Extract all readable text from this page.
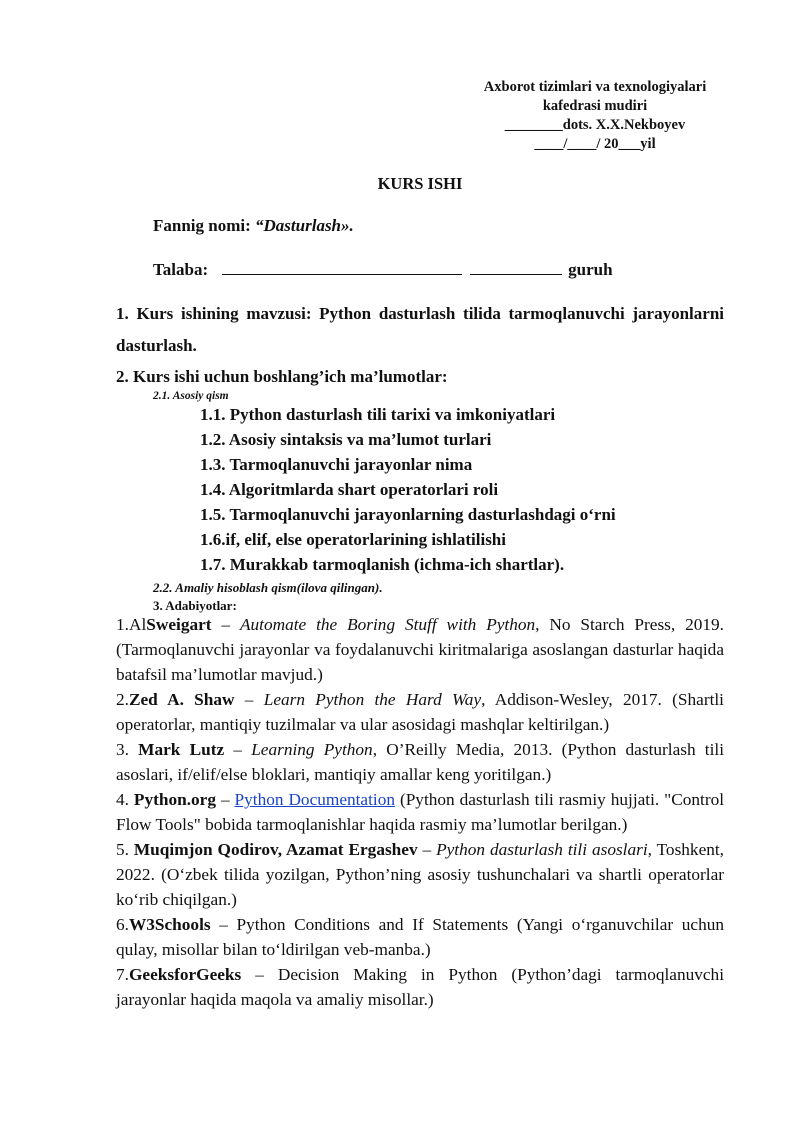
Axborot tizimlari va texnologiyalari
kafedrasi mudiri
________dots. X.X.Nekboyev
____/____/ 20___yil
KURS ISHI
Fannig nomi: “Dasturlash».
Talaba:	guruh
1. Kurs ishining mavzusi: Python dasturlash tilida tarmoqlanuvchi jarayonlarni dasturlash.
2. Kurs ishi uchun boshlang’ich ma’lumotlar:
2.1. Asosiy qism
1.1. Python dasturlash tili tarixi va imkoniyatlari
1.2. Asosiy sintaksis va ma’lumot turlari
1.3. Tarmoqlanuvchi jarayonlar nima
1.4. Algoritmlarda shart operatorlari roli
1.5. Tarmoqlanuvchi jarayonlarning dasturlashdagi o‘rni
1.6.if, elif, else operatorlarining ishlatilishi
1.7. Murakkab tarmoqlanish (ichma-ich shartlar).
2.2. Amaliy hisoblash qism(ilova qilingan).
3. Adabiyotlar:

1.AlSweigart – Automate the Boring Stuff with Python, No Starch Press, 2019. (Tarmoqlanuvchi jarayonlar va foydalanuvchi kiritmalariga asoslangan dasturlar haqida batafsil ma’lumotlar mavjud.)

2.Zed A. Shaw – Learn Python the Hard Way, Addison-Wesley, 2017. (Shartli operatorlar, mantiqiy tuzilmalar va ular asosidagi mashqlar keltirilgan.)

3. Mark Lutz – Learning Python, O’Reilly Media, 2013. (Python dasturlash tili asoslari, if/elif/else bloklari, mantiqiy amallar keng yoritilgan.)

4. Python.org – Python Documentation (Python dasturlash tili rasmiy hujjati. "Control Flow Tools" bobida tarmoqlanishlar haqida rasmiy ma’lumotlar berilgan.)

5. Muqimjon Qodirov, Azamat Ergashev – Python dasturlash tili asoslari, Toshkent, 2022. (O‘zbek tilida yozilgan, Python’ning asosiy tushunchalari va shartli operatorlar ko‘rib chiqilgan.)

6.W3Schools – Python Conditions and If Statements (Yangi o‘rganuvchilar uchun qulay, misollar bilan to‘ldirilgan veb-manba.)

7.GeeksforGeeks – Decision Making in Python (Python’dagi tarmoqlanuvchi jarayonlar haqida maqola va amaliy misollar.)
